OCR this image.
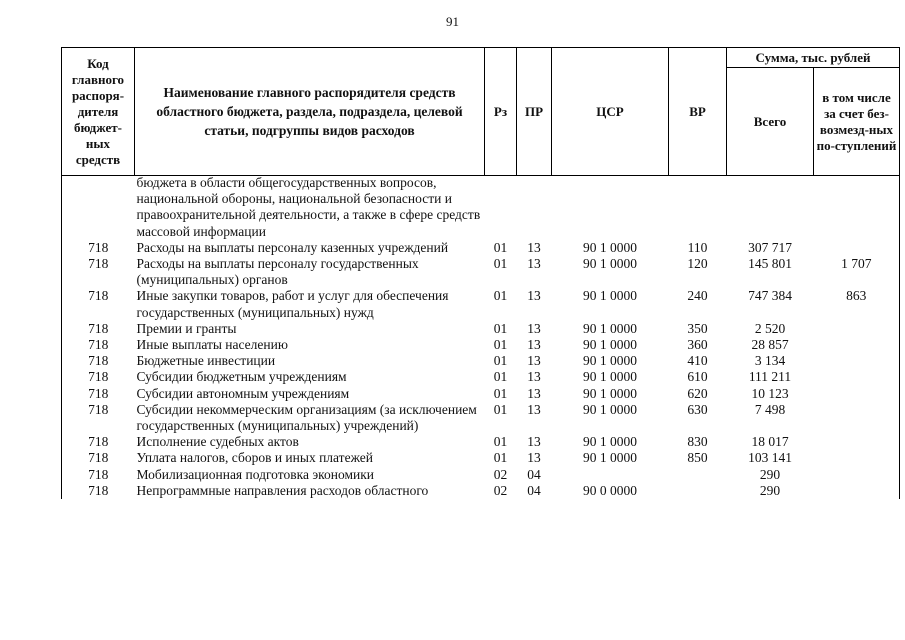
91
Код главного распоря-дителя бюджет-ных средств	Наименование главного распорядителя средств областного бюджета, раздела, подраздела, целевой статьи, подгруппы видов расходов	Рз	ПР	ЦСР	ВР	Сумма, тыс. рублей	
						Всего	в том числе за счет без-возмезд-ных по-ступлений
	бюджета в области общегосударственных вопросов, национальной обороны, национальной безопасности и правоохранительной деятельности, а также в сфере средств массовой информации						
718	Расходы на выплаты персоналу казенных учреждений	01	13	90 1 0000	110	307 717	
718	Расходы на выплаты персоналу государственных (муниципальных) органов	01	13	90 1 0000	120	145 801	1 707
718	Иные закупки товаров, работ и услуг для обеспечения государственных (муниципальных) нужд	01	13	90 1 0000	240	747 384	863
718	Премии и гранты	01	13	90 1 0000	350	2 520	
718	Иные выплаты населению	01	13	90 1 0000	360	28 857	
718	Бюджетные инвестиции	01	13	90 1 0000	410	3 134	
718	Субсидии бюджетным учреждениям	01	13	90 1 0000	610	111 211	
718	Субсидии автономным учреждениям	01	13	90 1 0000	620	10 123	
718	Субсидии некоммерческим организациям (за исключением государственных (муниципальных) учреждений)	01	13	90 1 0000	630	7 498	
718	Исполнение судебных актов	01	13	90 1 0000	830	18 017	
718	Уплата налогов, сборов и иных платежей	01	13	90 1 0000	850	103 141	
718	Мобилизационная подготовка экономики	02	04			290	
718	Непрограммные направления расходов областного	02	04	90 0 0000		290	
